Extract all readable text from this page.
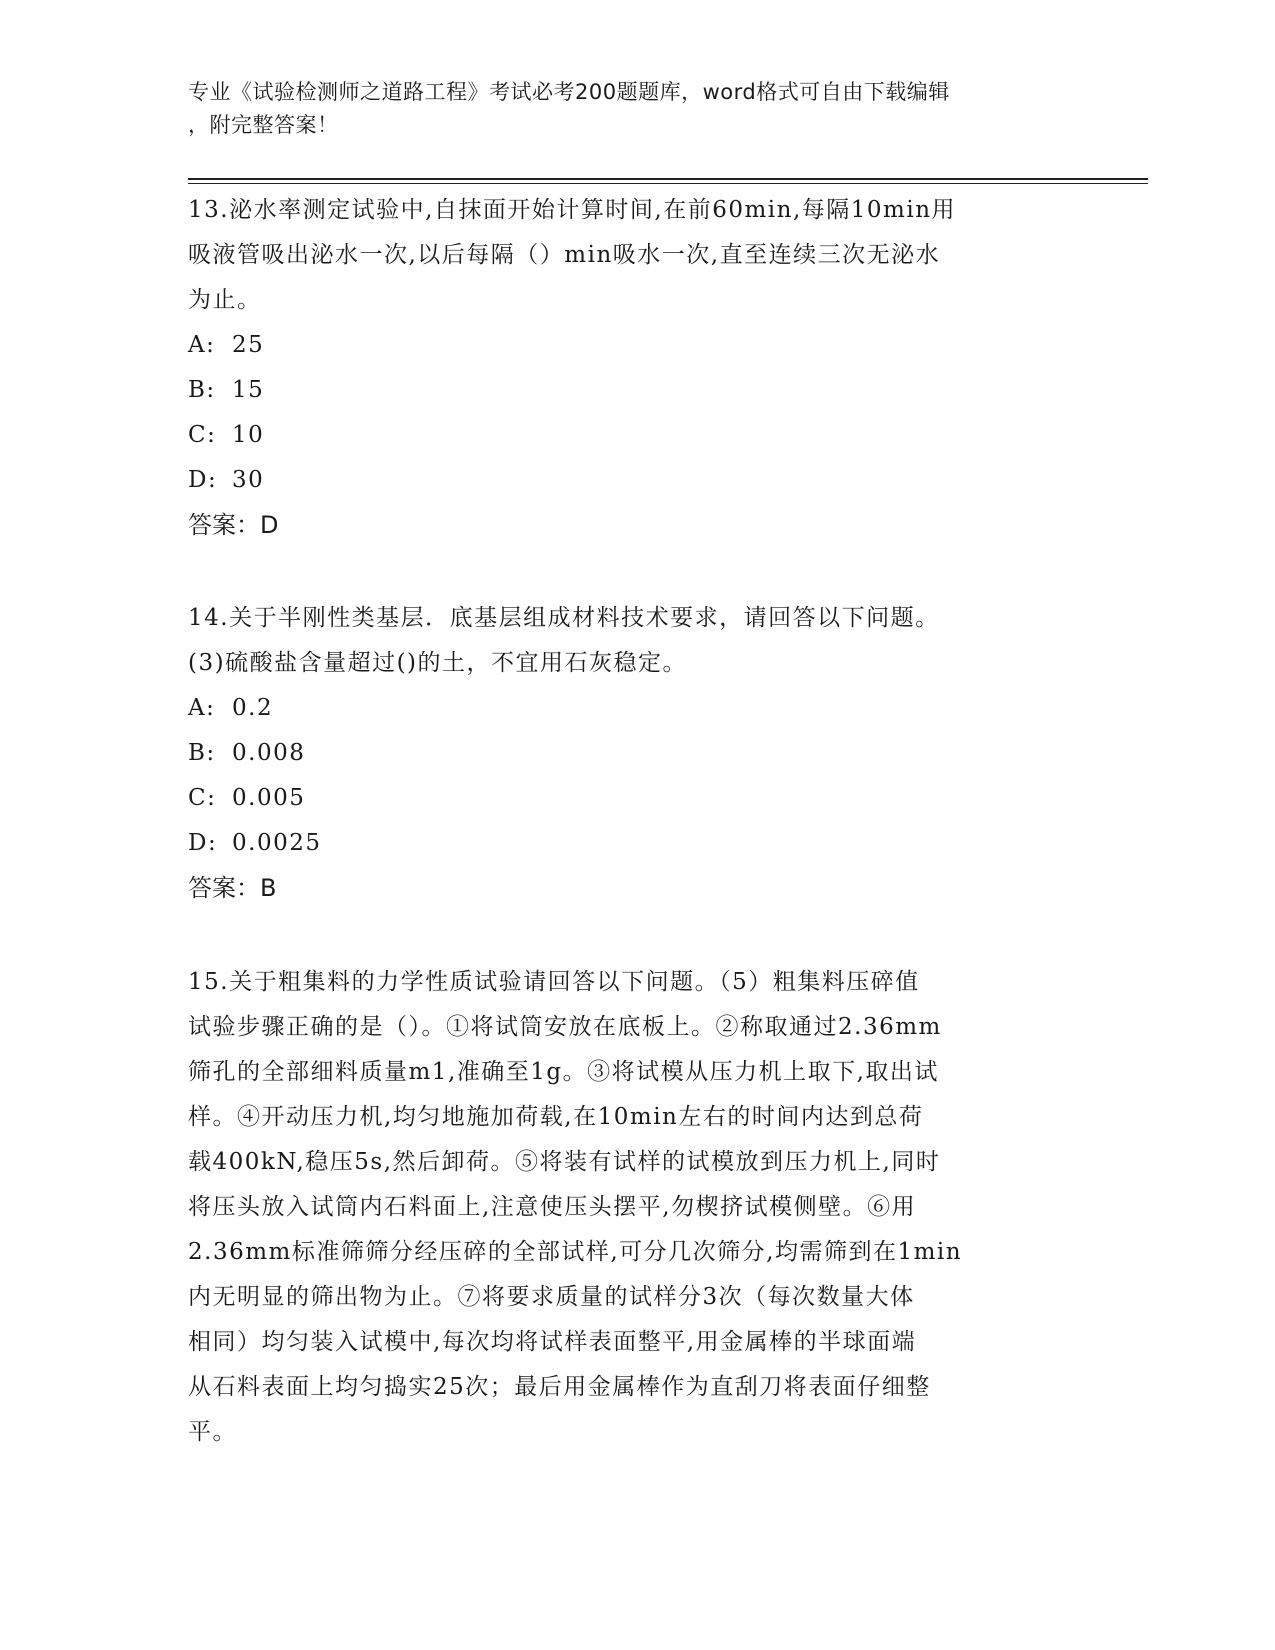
专业《试验检测师之道路工程》考试必考200题题库，word格式可自由下载编辑
，附完整答案！

13.泌水率测定试验中,自抹面开始计算时间,在前60min,每隔10min用

吸液管吸出泌水一次,以后每隔（）min吸水一次,直至连续三次无泌水

为止。

A: 25

B: 15

C: 10

D: 30

答案：D

14.关于半刚性类基层．底基层组成材料技术要求，请回答以下问题。

(3)硫酸盐含量超过()的土，不宜用石灰稳定。

A: 0.2

B: 0.008

C: 0.005

D: 0.0025

答案：B

15.关于粗集料的力学性质试验请回答以下问题。（5）粗集料压碎值

试验步骤正确的是（）。①将试筒安放在底板上。②称取通过2.36mm

筛孔的全部细料质量m1,准确至1g。③将试模从压力机上取下,取出试

样。④开动压力机,均匀地施加荷载,在10min左右的时间内达到总荷

载400kN,稳压5s,然后卸荷。⑤将装有试样的试模放到压力机上,同时

将压头放入试筒内石料面上,注意使压头摆平,勿楔挤试模侧壁。⑥用

2.36mm标准筛筛分经压碎的全部试样,可分几次筛分,均需筛到在1min

内无明显的筛出物为止。⑦将要求质量的试样分3次（每次数量大体

相同）均匀装入试模中,每次均将试样表面整平,用金属棒的半球面端

从石料表面上均匀捣实25次；最后用金属棒作为直刮刀将表面仔细整

平。
